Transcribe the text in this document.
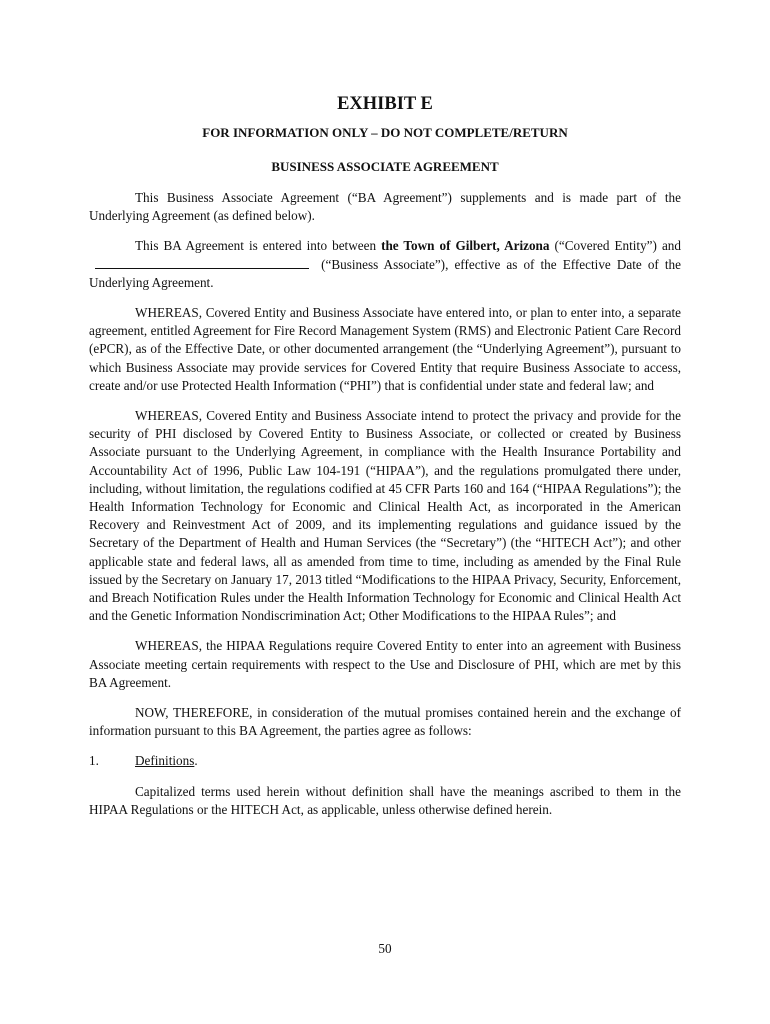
EXHIBIT E
FOR INFORMATION ONLY – DO NOT COMPLETE/RETURN
BUSINESS ASSOCIATE AGREEMENT

This Business Associate Agreement (“BA Agreement”) supplements and is made part of the Underlying Agreement (as defined below).

This BA Agreement is entered into between the Town of Gilbert, Arizona (“Covered Entity”) and  (“Business Associate”), effective as of the Effective Date of the Underlying Agreement.

WHEREAS, Covered Entity and Business Associate have entered into, or plan to enter into, a separate agreement, entitled Agreement for Fire Record Management System (RMS) and Electronic Patient Care Record (ePCR), as of the Effective Date, or other documented arrangement (the “Underlying Agreement”), pursuant to which Business Associate may provide services for Covered Entity that require Business Associate to access, create and/or use Protected Health Information (“PHI”) that is confidential under state and federal law; and

WHEREAS, Covered Entity and Business Associate intend to protect the privacy and provide for the security of PHI disclosed by Covered Entity to Business Associate, or collected or created by Business Associate pursuant to the Underlying Agreement, in compliance with the Health Insurance Portability and Accountability Act of 1996, Public Law 104-191 (“HIPAA”), and the regulations promulgated there under, including, without limitation, the regulations codified at 45 CFR Parts 160 and 164 (“HIPAA Regulations”); the Health Information Technology for Economic and Clinical Health Act, as incorporated in the American Recovery and Reinvestment Act of 2009, and its implementing regulations and guidance issued by the Secretary of the Department of Health and Human Services (the “Secretary”) (the “HITECH Act”); and other applicable state and federal laws, all as amended from time to time, including as amended by the Final Rule issued by the Secretary on January 17, 2013 titled “Modifications to the HIPAA Privacy, Security, Enforcement, and Breach Notification Rules under the Health Information Technology for Economic and Clinical Health Act and the Genetic Information Nondiscrimination Act; Other Modifications to the HIPAA Rules”; and

WHEREAS, the HIPAA Regulations require Covered Entity to enter into an agreement with Business Associate meeting certain requirements with respect to the Use and Disclosure of PHI, which are met by this BA Agreement.

NOW, THEREFORE, in consideration of the mutual promises contained herein and the exchange of information pursuant to this BA Agreement, the parties agree as follows:

1.	Definitions.

Capitalized terms used herein without definition shall have the meanings ascribed to them in the HIPAA Regulations or the HITECH Act, as applicable, unless otherwise defined herein.

50
